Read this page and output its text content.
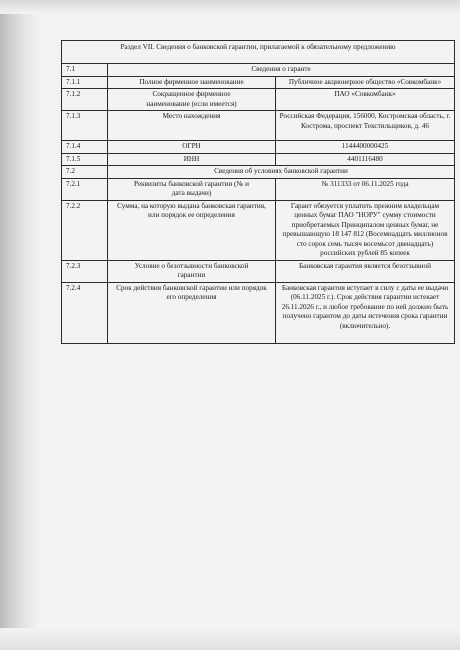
Раздел VII. Сведения о банковской гарантии, прилагаемой к обязательному предложению		
7.1	Сведения о гаранте	
7.1.1	Полное фирменное наименование	Публичное акционерное общество «Совкомбанк»
7.1.2	Сокращенное фирменное наименование (если имеется)	ПАО «Совкомбанк»
7.1.3	Место нахождения	Российская Федерация, 156000, Костромская область, г. Кострома, проспект Текстильщиков, д. 46
7.1.4	ОГРН	1144400000425
7.1.5	ИНН	4401116480
7.2	Сведения об условиях банковской гарантии	
7.2.1	Реквизиты банковской гарантии (№ и дата выдачи)	№ 311333 от 06.11.2025 года
7.2.2	Сумма, на которую выдана банковская гарантия, или порядок ее определения	Гарант обязуется уплатить прежним владельцам ценных бумаг ПАО "НОРУ" сумму стоимости приобретаемых Принципалом ценных бумаг, не превышающую 18 147 812 (Восемнадцать миллионов сто сорок семь тысяч восемьсот двенадцать) российских рублей 85 копеек
7.2.3	Условие о безотзывности банковской гарантии	Банковская гарантия является безотзывной
7.2.4	Срок действия банковской гарантии или порядок его определения	Банковская гарантия вступает в силу с даты ее выдачи (06.11.2025 г.). Срок действия гарантии истекает 26.11.2026 г., и любое требование по ней должно быть получено гарантом до даты истечения срока гарантии (включительно).
